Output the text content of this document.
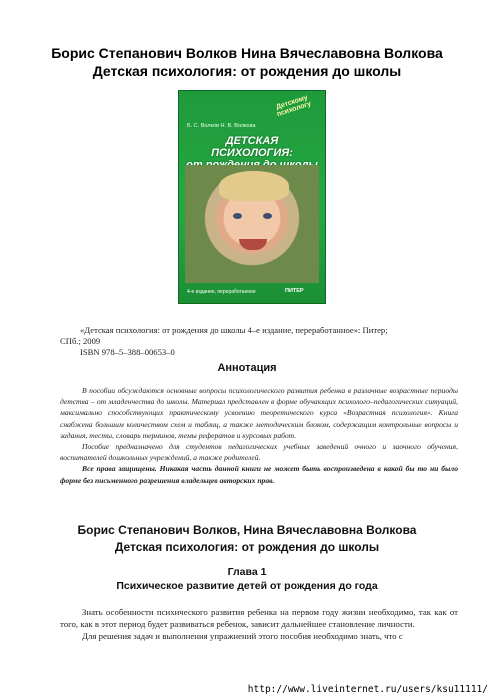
Борис Степанович Волков Нина Вячеславовна Волкова
Детская психология: от рождения до школы
Детскому психологу
Б. С. Волков Н. В. Волкова
ДЕТСКАЯ ПСИХОЛОГИЯ:
4-е издание, переработанное	ПИТЕР
«Детская психология: от рождения до школы 4–е издание, переработанное»: Питер;
СПб.; 2009
ISBN 978–5–388–00653–0
Аннотация

В пособии обсуждаются основные вопросы психологического развития ребенка в различные возрастные периоды детства – от младенчества до школы. Материал представлен в форме обучающих психолого–педагогических ситуаций, максимально способствующих практическому усвоению теоретического курса «Возрастная психология». Книга снабжена большим количеством схем и таблиц, а также методическим блоком, содержащим контрольные вопросы и задания, тесты, словарь терминов, темы рефератов и курсовых работ.

Пособие предназначено для студентов педагогических учебных заведений очного и заочного обучения, воспитателей дошкольных учреждений, а также родителей.

Все права защищены. Никакая часть данной книги не может быть воспроизведена в какой бы то ни было форме без письменного разрешения владельцев авторских прав.

Борис Степанович Волков, Нина Вячеславовна Волкова
Детская психология: от рождения до школы
Глава 1
Психическое развитие детей от рождения до года

Знать особенности психического развития ребенка на первом году жизни необходимо, так как от того, как в этот период будет развиваться ребенок, зависит дальнейшее становление личности.

Для решения задач и выполнения упражнений этого пособия необходимо знать, что с

http://www.liveinternet.ru/users/ksu11111/
